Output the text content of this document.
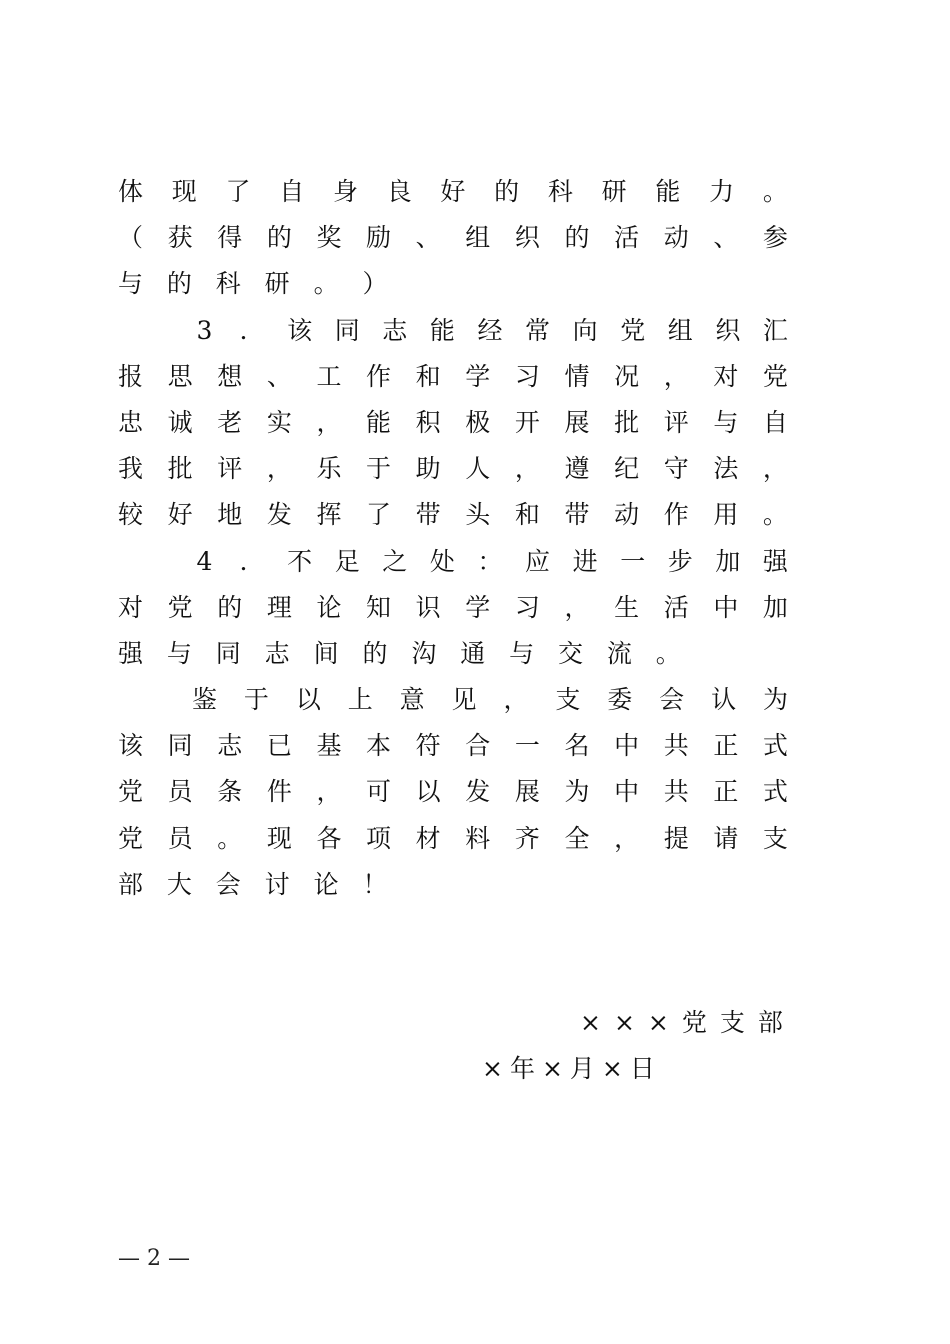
体 现 了 自 身 良 好 的 科 研 能 力 。
（ 获 得 的 奖 励 、 组 织 的 活 动 、 参
与 的 科 研 。 ）
3 ． 该 同 志 能 经 常 向 党 组 织 汇
报 思 想 、 工 作 和 学 习 情 况 ， 对 党
忠 诚 老 实 ， 能 积 极 开 展 批 评 与 自
我 批 评 ， 乐 于 助 人 ， 遵 纪 守 法 ，
较 好 地 发 挥 了 带 头 和 带 动 作 用 。
4 ． 不 足 之 处 ： 应 进 一 步 加 强
对 党 的 理 论 知 识 学 习 ， 生 活 中 加
强 与 同 志 间 的 沟 通 与 交 流 。
鉴 于 以 上 意 见 ， 支 委 会 认 为
该 同 志 已 基 本 符 合 一 名 中 共 正 式
党 员 条 件 ， 可 以 发 展 为 中 共 正 式
党 员 。 现 各 项 材 料 齐 全 ， 提 请 支
部 大 会 讨 论 ！
×××党支部
×年×月×日
— 2 —
